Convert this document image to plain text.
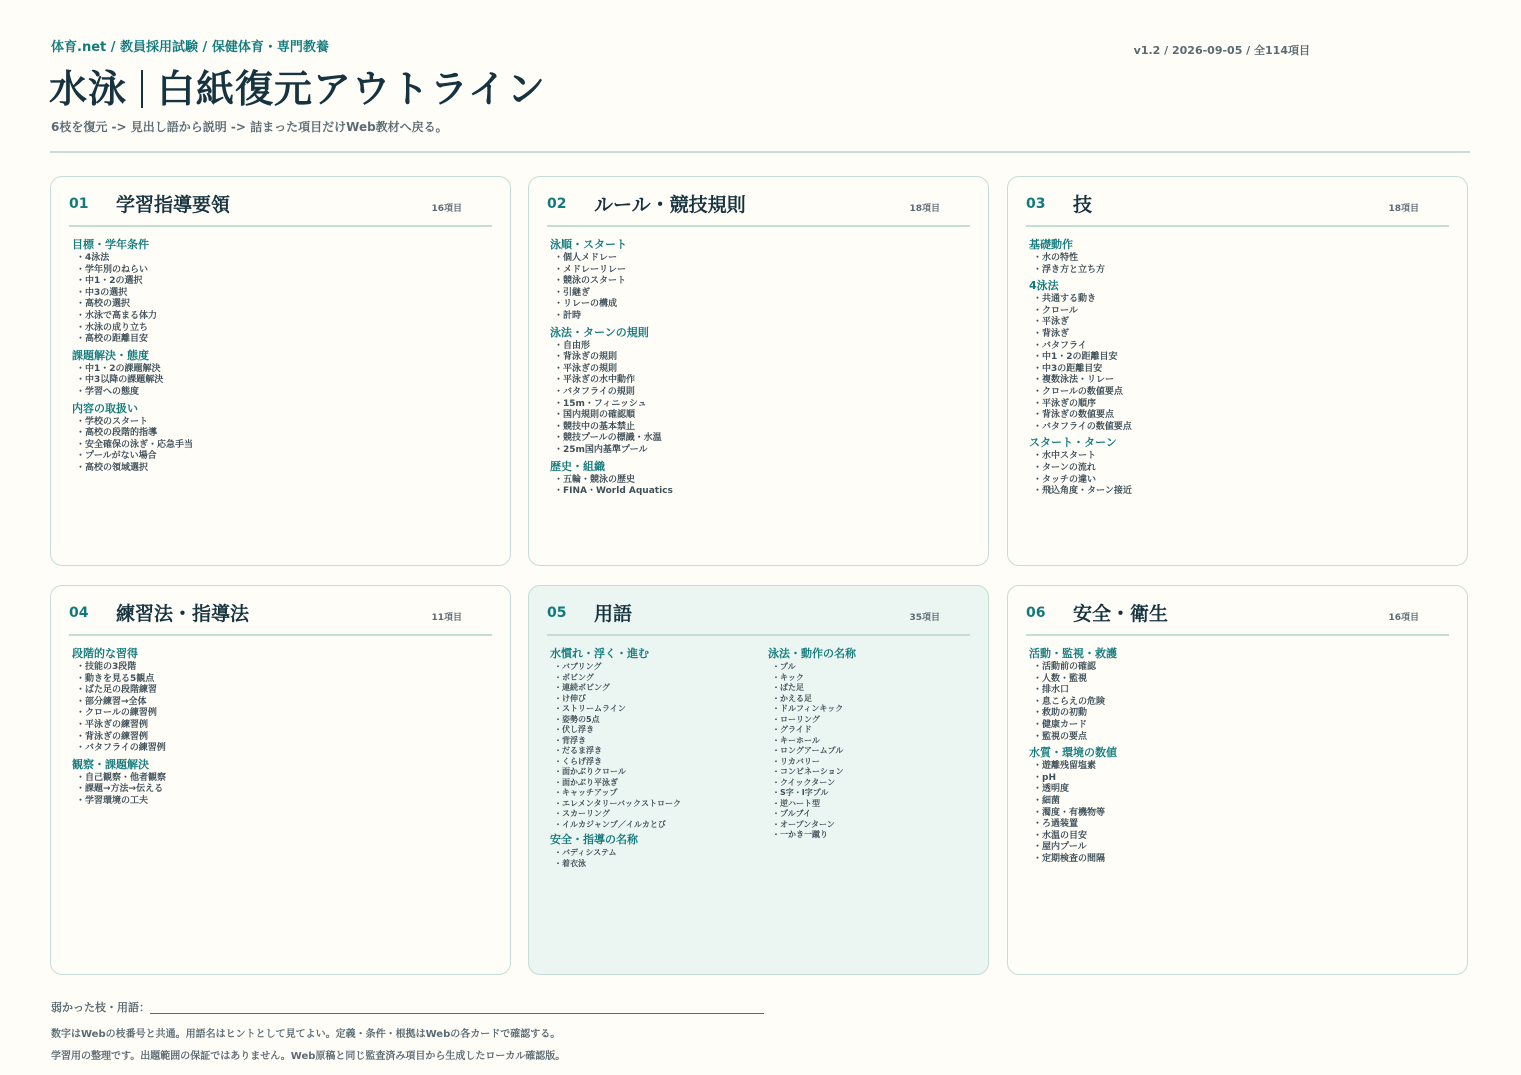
体育.net / 教員採用試験 / 保健体育・専門教養	v1.2 / 2026-09-05 / 全114項目
水泳 白紙復元アウトライン
6枝を復元 -> 見出し語から説明 -> 詰まった項目だけWeb教材へ戻る。
01 学習指導要領	16項目
目標・学年条件
・ 4泳法
・ 学年別のねらい
・ 中1・2の選択
・ 中3の選択
・ 高校の選択
・ 水泳で高まる体力
・ 水泳の成り立ち
・ 高校の距離目安
課題解決・態度
・ 中1・2の課題解決
・ 中3以降の課題解決
・ 学習への態度
内容の取扱い
・ 学校のスタート
・ 高校の段階的指導
・ 安全確保の泳ぎ・応急手当
・ プールがない場合
・ 高校の領域選択
02 ルール・競技規則	18項目
泳順・スタート
・ 個人メドレー
・ メドレーリレー
・ 競泳のスタート
・ 引継ぎ
・ リレーの構成
・ 計時
泳法・ターンの規則
・ 自由形
・ 背泳ぎの規則
・ 平泳ぎの規則
・ 平泳ぎの水中動作
・ バタフライの規則
・ 15m・フィニッシュ
・ 国内規則の確認順
・ 競技中の基本禁止
・ 競技プールの標識・水温
・ 25m国内基準プール
歴史・組織
・ 五輪・競泳の歴史
・ FINA・World Aquatics
03 技	18項目
基礎動作
・ 水の特性
・ 浮き方と立ち方
4泳法
・ 共通する動き
・ クロール
・ 平泳ぎ
・ 背泳ぎ
・ バタフライ
・ 中1・2の距離目安
・ 中3の距離目安
・ 複数泳法・リレー
・ クロールの数値要点
・ 平泳ぎの順序
・ 背泳ぎの数値要点
・ バタフライの数値要点
スタート・ターン
・ 水中スタート
・ ターンの流れ
・ タッチの違い
・ 飛込角度・ターン接近
04 練習法・指導法	11項目
段階的な習得
・ 技能の3段階
・ 動きを見る5観点
・ ばた足の段階練習
・ 部分練習→全体
・ クロールの練習例
・ 平泳ぎの練習例
・ 背泳ぎの練習例
・ バタフライの練習例
観察・課題解決
・ 自己観察・他者観察
・ 課題→方法→伝える
・ 学習環境の工夫
05 用語	35項目
水慣れ・浮く・進む
・ バブリング
・ ボビング
・ 連続ボビング
・ け伸び
・ ストリームライン
・ 姿勢の5点
・ 伏し浮き
・ 背浮き
・ だるま浮き
・ くらげ浮き
・ 面かぶりクロール
・ 面かぶり平泳ぎ
・ キャッチアップ
・ エレメンタリーバックストローク
・ スカーリング
・ イルカジャンプ／イルカとび
安全・指導の名称
・ バディシステム
・ 着衣泳
泳法・動作の名称
・ プル
・ キック
・ ばた足
・ かえる足
・ ドルフィンキック
・ ローリング
・ グライド
・ キーホール
・ ロングアームプル
・ リカバリー
・ コンビネーション
・ クイックターン
・ S字・I字プル
・ 逆ハート型
・ プルブイ
・ オープンターン
・ 一かき一蹴り
06 安全・衛生	16項目
活動・監視・救護
・ 活動前の確認
・ 人数・監視
・ 排水口
・ 息こらえの危険
・ 救助の初動
・ 健康カード
・ 監視の要点
水質・環境の数値
・ 遊離残留塩素
・ pH
・ 透明度
・ 細菌
・ 濁度・有機物等
・ ろ過装置
・ 水温の目安
・ 屋内プール
・ 定期検査の間隔
弱かった枝・用語：
数字はWebの枝番号と共通。用語名はヒントとして見てよい。定義・条件・根拠はWebの各カードで確認する。
学習用の整理です。出題範囲の保証ではありません。Web原稿と同じ監査済み項目から生成したローカル確認版。
